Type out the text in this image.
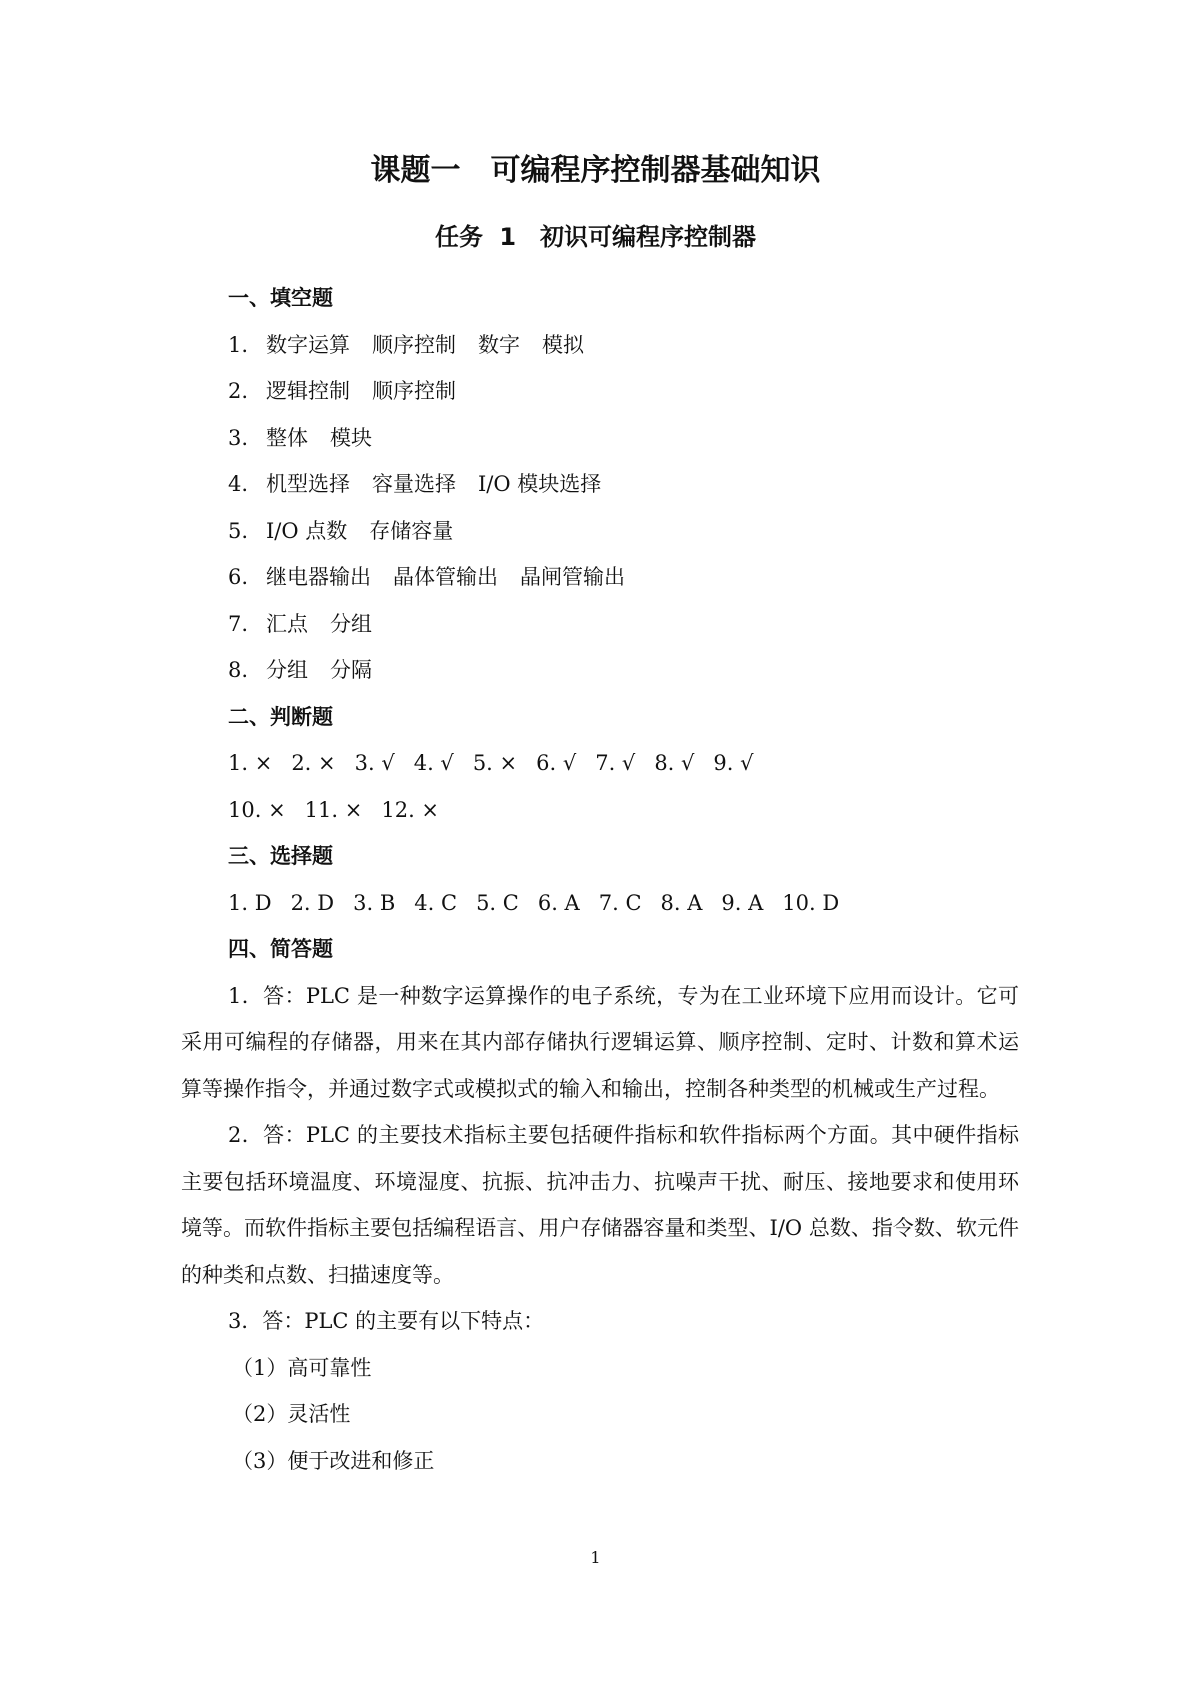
课题一　可编程序控制器基础知识
任务 1　初识可编程序控制器
一、填空题
1. 数字运算 顺序控制 数字 模拟
2. 逻辑控制 顺序控制
3. 整体 模块
4. 机型选择 容量选择 I/O 模块选择
5. I/O 点数 存储容量
6. 继电器输出 晶体管输出 晶闸管输出
7. 汇点 分组
8. 分组 分隔
二、判断题
1. × 2. × 3. √ 4. √ 5. × 6. √ 7. √ 8. √ 9. √
10. × 11. × 12. ×
三、选择题
1. D 2. D 3. B 4. C 5. C 6. A 7. C 8. A 9. A 10. D
四、简答题

1．答：PLC 是一种数字运算操作的电子系统，专为在工业环境下应用而设计。它可采用可编程的存储器，用来在其内部存储执行逻辑运算、顺序控制、定时、计数和算术运算等操作指令，并通过数字式或模拟式的输入和输出，控制各种类型的机械或生产过程。

2．答：PLC 的主要技术指标主要包括硬件指标和软件指标两个方面。其中硬件指标主要包括环境温度、环境湿度、抗振、抗冲击力、抗噪声干扰、耐压、接地要求和使用环境等。而软件指标主要包括编程语言、用户存储器容量和类型、I/O 总数、指令数、软元件的种类和点数、扫描速度等。

3．答：PLC 的主要有以下特点：

（1）高可靠性
（2）灵活性
（3）便于改进和修正
1
